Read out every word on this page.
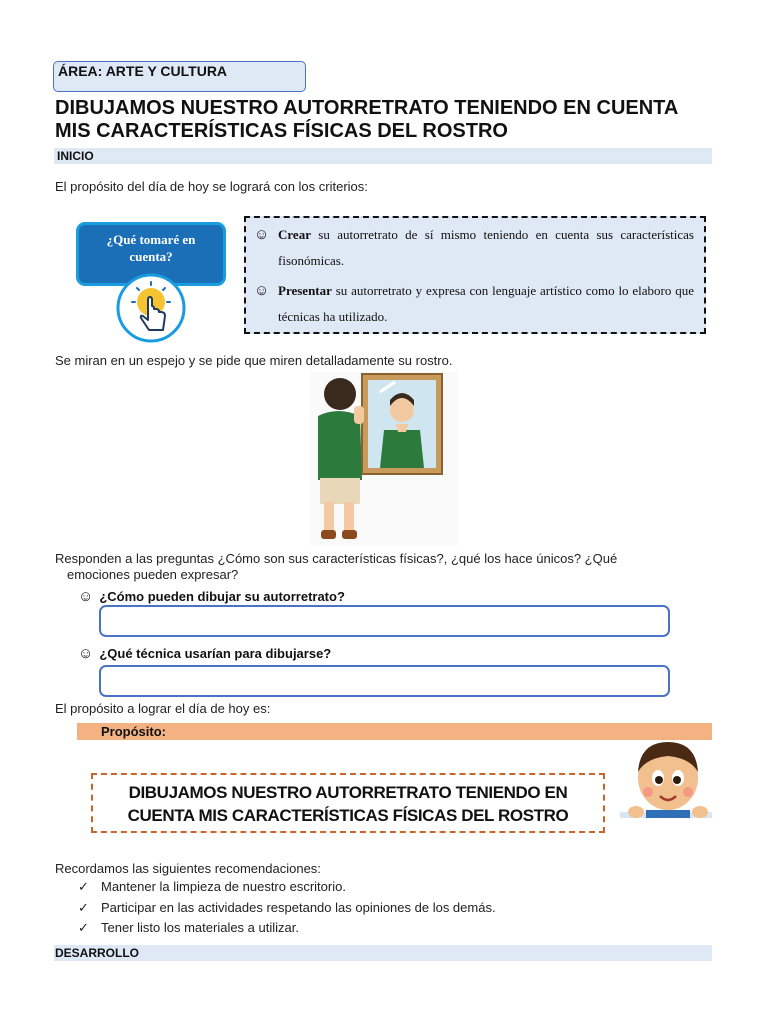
ÁREA: ARTE Y CULTURA
DIBUJAMOS NUESTRO AUTORRETRATO TENIENDO EN CUENTA
MIS CARACTERÍSTICAS FÍSICAS DEL ROSTRO
INICIO
El propósito del día de hoy se logrará con los criterios:
¿Qué tomaré en
cuenta?
☺ Crear su autorretrato de sí mismo teniendo en cuenta sus características fisonómicas.
☺ Presentar su autorretrato y expresa con lenguaje artístico como lo elaboro que técnicas ha utilizado.
Se miran en un espejo y se pide que miren detalladamente su rostro.
Responden a las preguntas ¿Cómo son sus características físicas?, ¿qué los hace únicos? ¿Qué
emociones pueden expresar?
☺ ¿Cómo pueden dibujar su autorretrato?
☺ ¿Qué técnica usarían para dibujarse?
El propósito a lograr el día de hoy es:
Propósito:
DIBUJAMOS NUESTRO AUTORRETRATO TENIENDO EN
CUENTA MIS CARACTERÍSTICAS FÍSICAS DEL ROSTRO
Recordamos las siguientes recomendaciones:
✓ Mantener la limpieza de nuestro escritorio.
✓ Participar en las actividades respetando las opiniones de los demás.
✓ Tener listo los materiales a utilizar.
DESARROLLO
